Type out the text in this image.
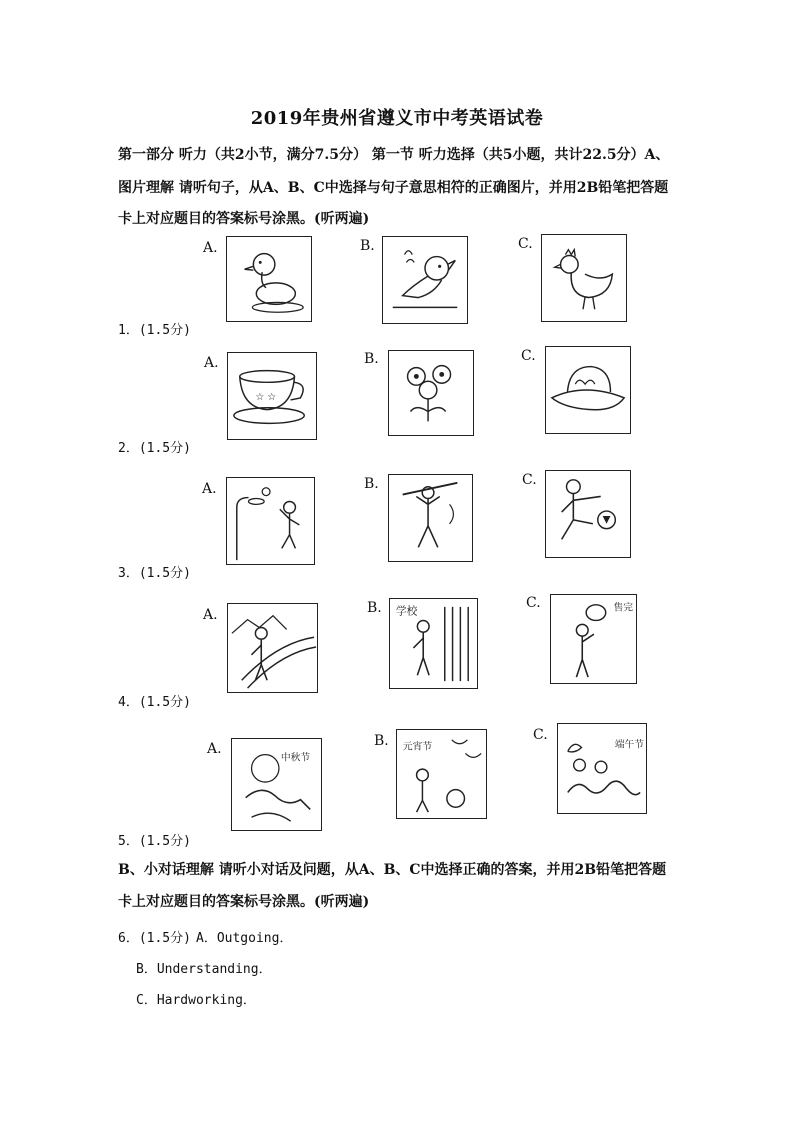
2019年贵州省遵义市中考英语试卷
第一部分 听力（共2小节，满分7.5分） 第一节 听力选择（共5小题，共计22.5分）A、
图片理解 请听句子，从A、B、C中选择与句子意思相符的正确图片，并用2B铅笔把答题
卡上对应题目的答案标号涂黑。(听两遍)
A.	B.	C.
1．(1.5分)
A.
☆ ☆
B.	C.
2．(1.5分)
A.	B.	C.
3．(1.5分)
A.	B. 学校
C.	售完
4．(1.5分)
A.
中秋节
B. 元宵节
C.
端午节
5．(1.5分)
B、小对话理解 请听小对话及问题，从A、B、C中选择正确的答案，并用2B铅笔把答题
卡上对应题目的答案标号涂黑。(听两遍)
6．(1.5分) A．Outgoing．
B．Understanding．
C．Hardworking．
